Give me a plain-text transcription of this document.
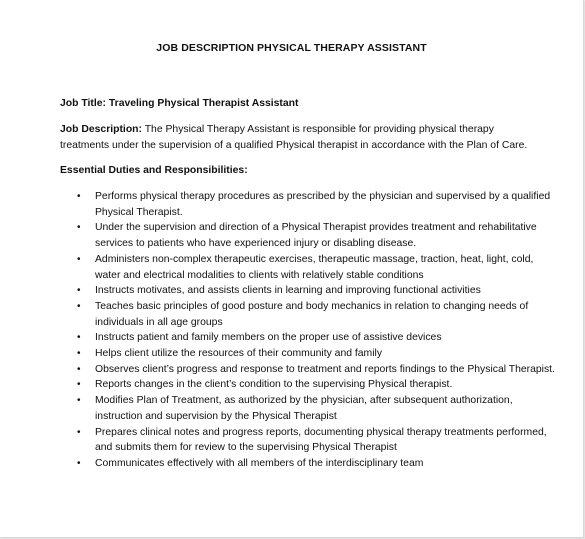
JOB DESCRIPTION PHYSICAL THERAPY ASSISTANT
Job Title: Traveling Physical Therapist Assistant
Job Description: The Physical Therapy Assistant is responsible for providing physical therapy treatments under the supervision of a qualified Physical therapist in accordance with the Plan of Care.
Essential Duties and Responsibilities:
• Performs physical therapy procedures as prescribed by the physician and supervised by a qualified Physical Therapist.
• Under the supervision and direction of a Physical Therapist provides treatment and rehabilitative services to patients who have experienced injury or disabling disease.
• Administers non-complex therapeutic exercises, therapeutic massage, traction, heat, light, cold, water and electrical modalities to clients with relatively stable conditions
• Instructs motivates, and assists clients in learning and improving functional activities
• Teaches basic principles of good posture and body mechanics in relation to changing needs of individuals in all age groups
• Instructs patient and family members on the proper use of assistive devices
• Helps client utilize the resources of their community and family
• Observes client’s progress and response to treatment and reports findings to the Physical Therapist.
• Reports changes in the client’s condition to the supervising Physical therapist.
• Modifies Plan of Treatment, as authorized by the physician, after subsequent authorization, instruction and supervision by the Physical Therapist
• Prepares clinical notes and progress reports, documenting physical therapy treatments performed, and submits them for review to the supervising Physical Therapist
• Communicates effectively with all members of the interdisciplinary team
